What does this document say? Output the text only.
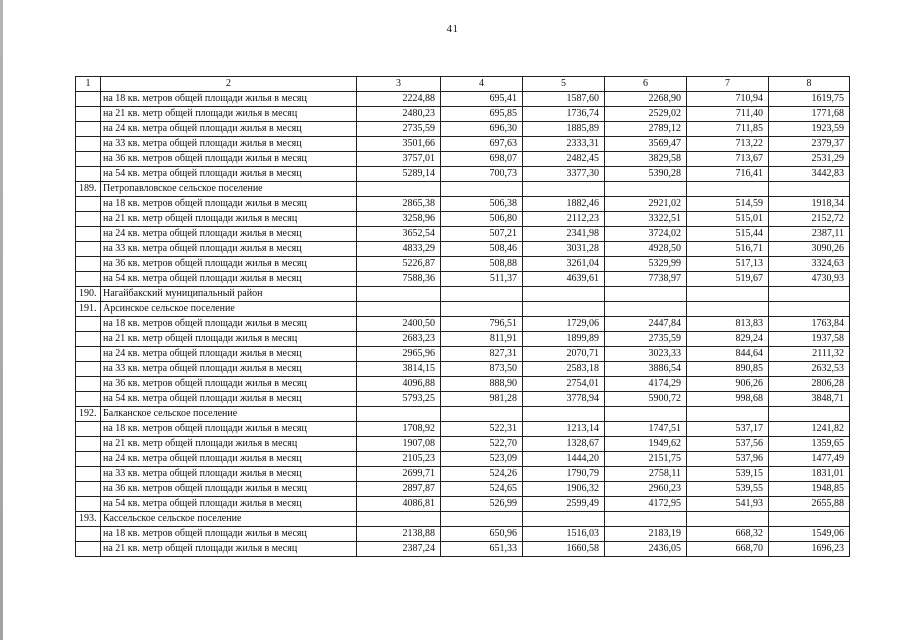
41
1	2	3	4	5	6	7	8
	на 18 кв. метров общей площади жилья в месяц	2224,88	695,41	1587,60	2268,90	710,94	1619,75
	на 21 кв. метр общей площади жилья в месяц	2480,23	695,85	1736,74	2529,02	711,40	1771,68
	на 24 кв. метра общей площади жилья в месяц	2735,59	696,30	1885,89	2789,12	711,85	1923,59
	на 33 кв. метра общей площади жилья в месяц	3501,66	697,63	2333,31	3569,47	713,22	2379,37
	на 36 кв. метров общей площади жилья в месяц	3757,01	698,07	2482,45	3829,58	713,67	2531,29
	на 54 кв. метра общей площади жилья в месяц	5289,14	700,73	3377,30	5390,28	716,41	3442,83
189.	Петропавловское сельское поселение						
	на 18 кв. метров общей площади жилья в месяц	2865,38	506,38	1882,46	2921,02	514,59	1918,34
	на 21 кв. метр общей площади жилья в месяц	3258,96	506,80	2112,23	3322,51	515,01	2152,72
	на 24 кв. метра общей площади жилья в месяц	3652,54	507,21	2341,98	3724,02	515,44	2387,11
	на 33 кв. метра общей площади жилья в месяц	4833,29	508,46	3031,28	4928,50	516,71	3090,26
	на 36 кв. метров общей площади жилья в месяц	5226,87	508,88	3261,04	5329,99	517,13	3324,63
	на 54 кв. метра общей площади жилья в месяц	7588,36	511,37	4639,61	7738,97	519,67	4730,93
190.	Нагайбакский муниципальный район						
191.	Арсинское сельское поселение						
	на 18 кв. метров общей площади жилья в месяц	2400,50	796,51	1729,06	2447,84	813,83	1763,84
	на 21 кв. метр общей площади жилья в месяц	2683,23	811,91	1899,89	2735,59	829,24	1937,58
	на 24 кв. метра общей площади жилья в месяц	2965,96	827,31	2070,71	3023,33	844,64	2111,32
	на 33 кв. метра общей площади жилья в месяц	3814,15	873,50	2583,18	3886,54	890,85	2632,53
	на 36 кв. метров общей площади жилья в месяц	4096,88	888,90	2754,01	4174,29	906,26	2806,28
	на 54 кв. метра общей площади жилья в месяц	5793,25	981,28	3778,94	5900,72	998,68	3848,71
192.	Балканское сельское поселение						
	на 18 кв. метров общей площади жилья в месяц	1708,92	522,31	1213,14	1747,51	537,17	1241,82
	на 21 кв. метр общей площади жилья в месяц	1907,08	522,70	1328,67	1949,62	537,56	1359,65
	на 24 кв. метра общей площади жилья в месяц	2105,23	523,09	1444,20	2151,75	537,96	1477,49
	на 33 кв. метра общей площади жилья в месяц	2699,71	524,26	1790,79	2758,11	539,15	1831,01
	на 36 кв. метров общей площади жилья в месяц	2897,87	524,65	1906,32	2960,23	539,55	1948,85
	на 54 кв. метра общей площади жилья в месяц	4086,81	526,99	2599,49	4172,95	541,93	2655,88
193.	Кассельское сельское поселение						
	на 18 кв. метров общей площади жилья в месяц	2138,88	650,96	1516,03	2183,19	668,32	1549,06
	на 21 кв. метр общей площади жилья в месяц	2387,24	651,33	1660,58	2436,05	668,70	1696,23
